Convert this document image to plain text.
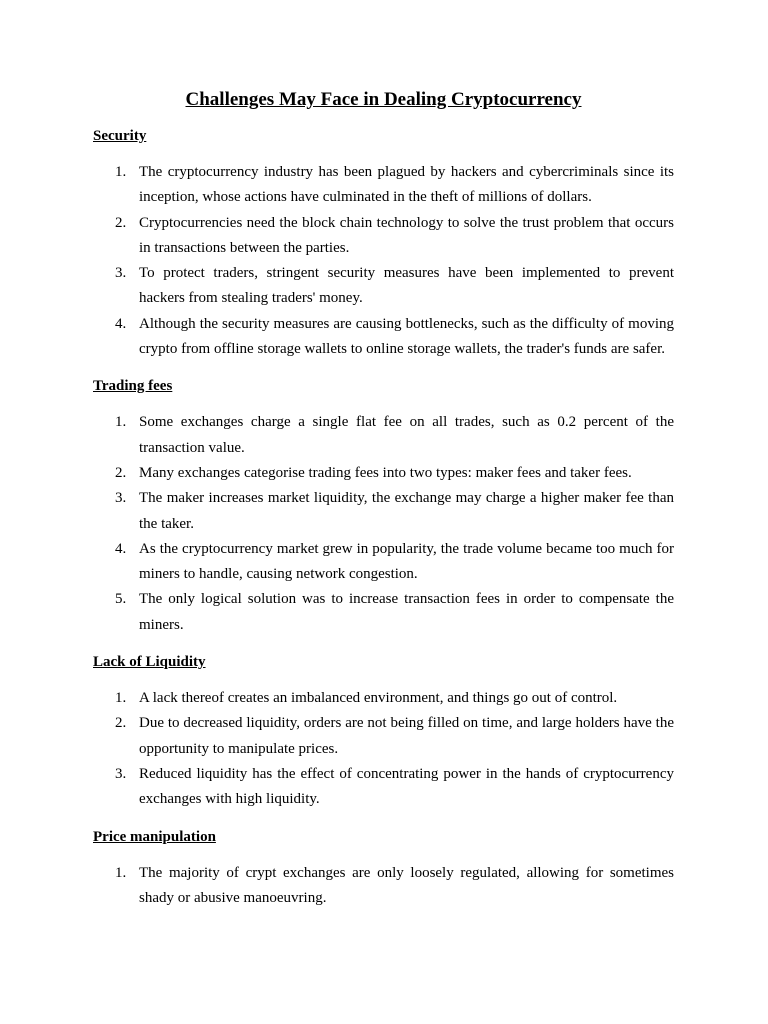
Challenges May Face in Dealing Cryptocurrency
Security
1. The cryptocurrency industry has been plagued by hackers and cybercriminals since its inception, whose actions have culminated in the theft of millions of dollars.
2. Cryptocurrencies need the block chain technology to solve the trust problem that occurs in transactions between the parties.
3. To protect traders, stringent security measures have been implemented to prevent hackers from stealing traders' money.
4. Although the security measures are causing bottlenecks, such as the difficulty of moving crypto from offline storage wallets to online storage wallets, the trader's funds are safer.
Trading fees
1. Some exchanges charge a single flat fee on all trades, such as 0.2 percent of the transaction value.
2. Many exchanges categorise trading fees into two types: maker fees and taker fees.
3. The maker increases market liquidity, the exchange may charge a higher maker fee than the taker.
4. As the cryptocurrency market grew in popularity, the trade volume became too much for miners to handle, causing network congestion.
5. The only logical solution was to increase transaction fees in order to compensate the miners.
Lack of Liquidity
1. A lack thereof creates an imbalanced environment, and things go out of control.
2. Due to decreased liquidity, orders are not being filled on time, and large holders have the opportunity to manipulate prices.
3. Reduced liquidity has the effect of concentrating power in the hands of cryptocurrency exchanges with high liquidity.
Price manipulation
1. The majority of crypt exchanges are only loosely regulated, allowing for sometimes shady or abusive manoeuvring.
